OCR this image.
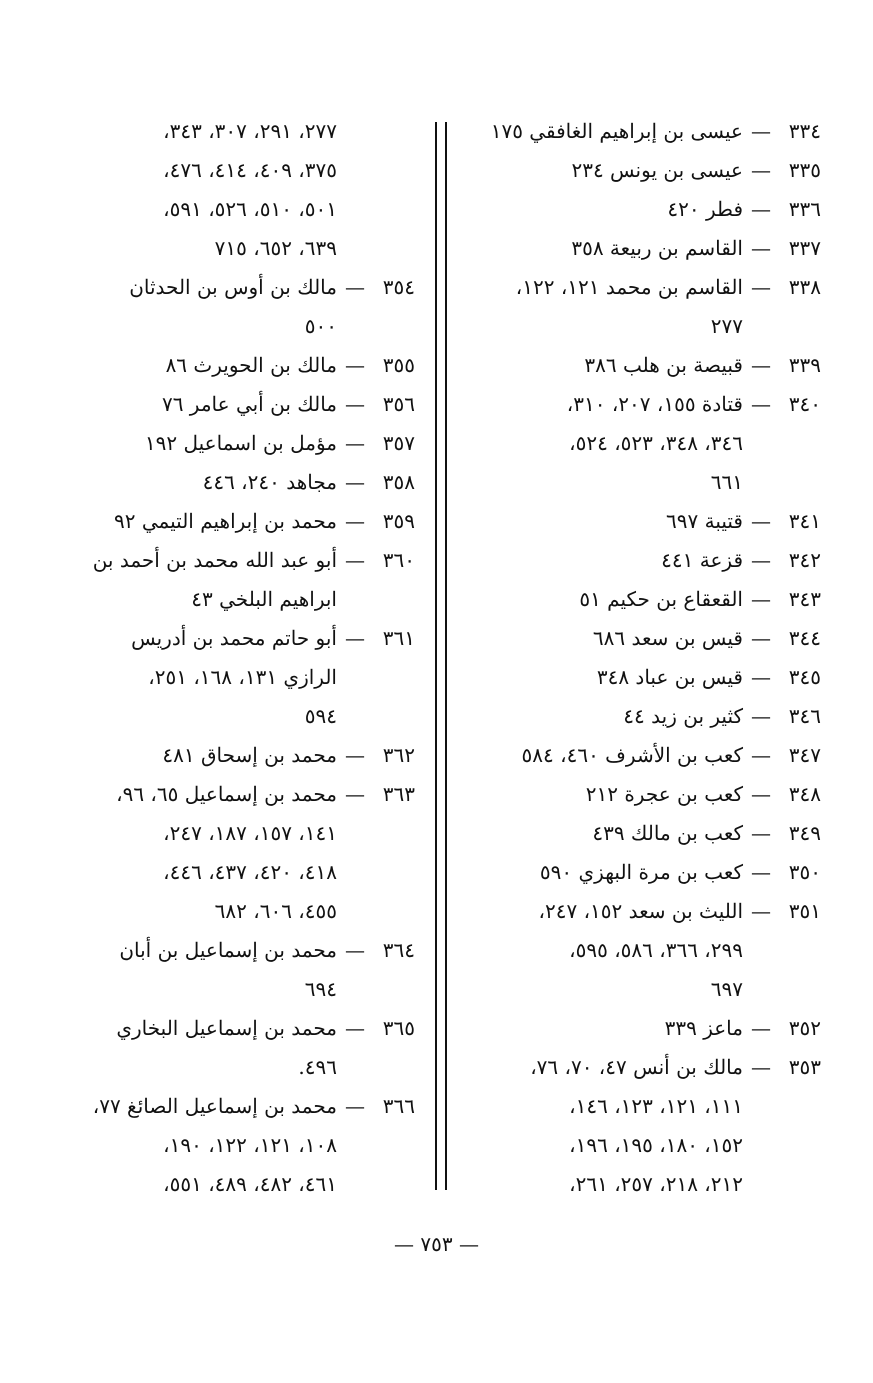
٣٣٤—عيسى بن إبراهيم الغافقي ١٧٥
٣٣٥—عيسى بن يونس ٢٣٤
٣٣٦—فطر ٤٢٠
٣٣٧—القاسم بن ربيعة ٣٥٨
٣٣٨—القاسم بن محمد ١٢١، ١٢٢،
٢٧٧
٣٣٩—قبيصة بن هلب ٣٨٦
٣٤٠—قتادة ١٥٥، ٢٠٧، ٣١٠،
٣٤٦، ٣٤٨، ٥٢٣، ٥٢٤،
٦٦١
٣٤١—قتيبة ٦٩٧
٣٤٢—قزعة ٤٤١
٣٤٣—القعقاع بن حكيم ٥١
٣٤٤—قيس بن سعد ٦٨٦
٣٤٥—قيس بن عباد ٣٤٨
٣٤٦—كثير بن زيد ٤٤
٣٤٧—كعب بن الأشرف ٤٦٠، ٥٨٤
٣٤٨—كعب بن عجرة ٢١٢
٣٤٩—كعب بن مالك ٤٣٩
٣٥٠—كعب بن مرة البهزي ٥٩٠
٣٥١—الليث بن سعد ١٥٢، ٢٤٧،
٢٩٩، ٣٦٦، ٥٨٦، ٥٩٥،
٦٩٧
٣٥٢—ماعز ٣٣٩
٣٥٣—مالك بن أنس ٤٧، ٧٠، ٧٦،
١١١، ١٢١، ١٢٣، ١٤٦،
١٥٢، ١٨٠، ١٩٥، ١٩٦،
٢١٢، ٢١٨، ٢٥٧، ٢٦١،
٢٧٧، ٢٩١، ٣٠٧، ٣٤٣،
٣٧٥، ٤٠٩، ٤١٤، ٤٧٦،
٥٠١، ٥١٠، ٥٢٦، ٥٩١،
٦٣٩، ٦٥٢، ٧١٥
٣٥٤—مالك بن أوس بن الحدثان
٥٠٠
٣٥٥—مالك بن الحويرث ٨٦
٣٥٦—مالك بن أبي عامر ٧٦
٣٥٧—مؤمل بن اسماعيل ١٩٢
٣٥٨—مجاهد ٢٤٠، ٤٤٦
٣٥٩—محمد بن إبراهيم التيمي ٩٢
٣٦٠—أبو عبد الله محمد بن أحمد بن
ابراهيم البلخي ٤٣
٣٦١—أبو حاتم محمد بن أدريس
الرازي ١٣١، ١٦٨، ٢٥١،
٥٩٤
٣٦٢—محمد بن إسحاق ٤٨١
٣٦٣—محمد بن إسماعيل ٦٥، ٩٦،
١٤١، ١٥٧، ١٨٧، ٢٤٧،
٤١٨، ٤٢٠، ٤٣٧، ٤٤٦،
٤٥٥، ٦٠٦، ٦٨٢
٣٦٤—محمد بن إسماعيل بن أبان
٦٩٤
٣٦٥—محمد بن إسماعيل البخاري
٤٩٦.
٣٦٦—محمد بن إسماعيل الصائغ ٧٧،
١٠٨، ١٢١، ١٢٢، ١٩٠،
٤٦١، ٤٨٢، ٤٨٩، ٥٥١،
— ٧٥٣ —
